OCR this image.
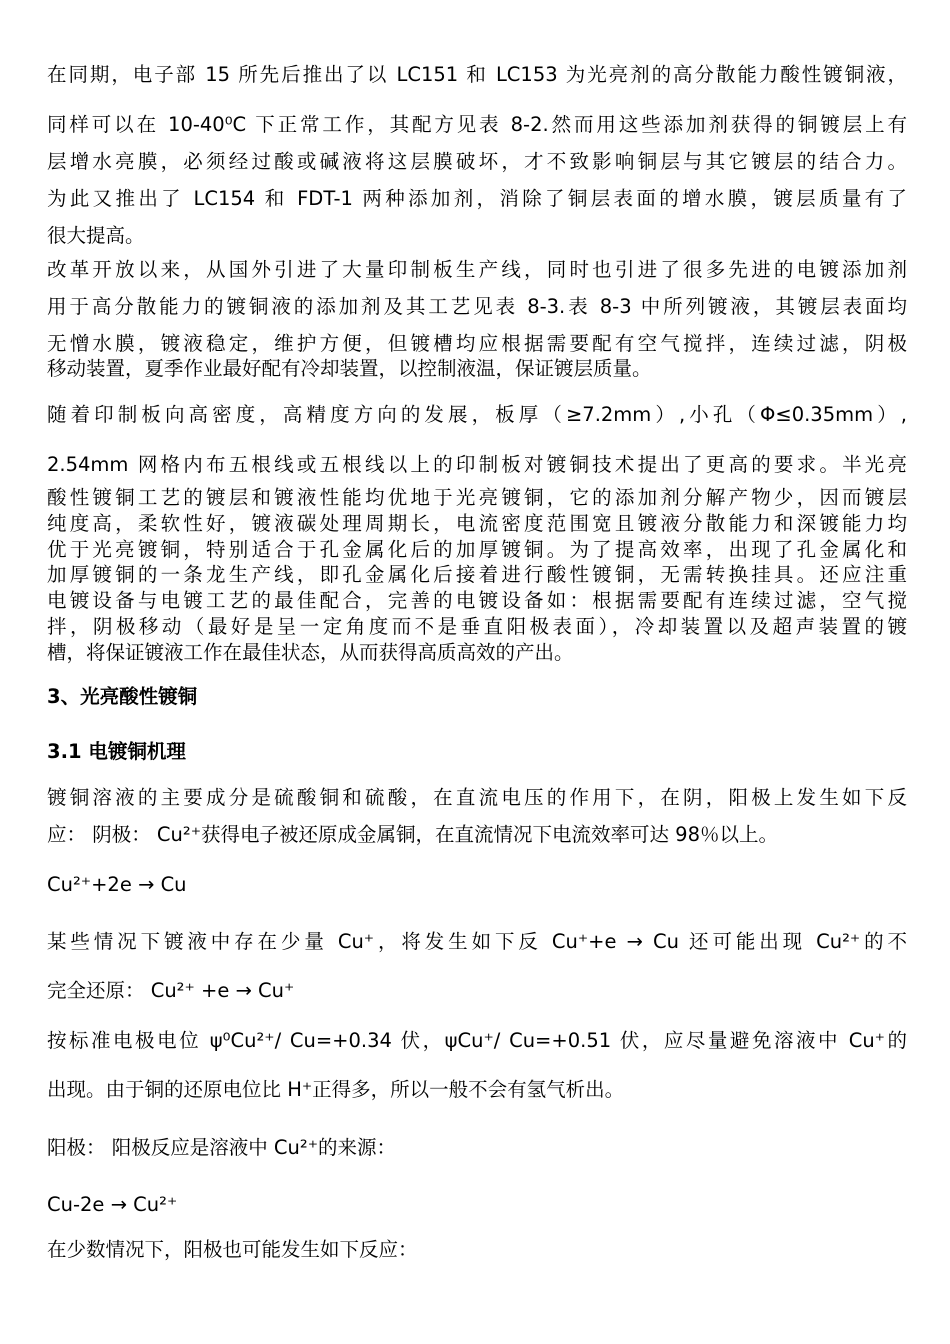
在同期，电子部 15 所先后推出了以 LC151 和 LC153 为光亮剂的高分散能力酸性镀铜液，
同样可以在 10-40⁰C 下正常工作，其配方见表 8-2.然而用这些添加剂获得的铜镀层上有
层增水亮膜，必须经过酸或碱液将这层膜破坏，才不致影响铜层与其它镀层的结合力。
为此又推出了 LC154 和 FDT-1 两种添加剂，消除了铜层表面的增水膜，镀层质量有了
很大提高。
改革开放以来，从国外引进了大量印制板生产线，同时也引进了很多先进的电镀添加剂
用于高分散能力的镀铜液的添加剂及其工艺见表 8-3.表 8-3 中所列镀液，其镀层表面均
无憎水膜，镀液稳定，维护方便，但镀槽均应根据需要配有空气搅拌，连续过滤，阴极
移动装置，夏季作业最好配有冷却装置，以控制液温，保证镀层质量。
随着印制板向高密度，高精度方向的发展，板厚（≥7.2mm）,小孔（Φ≤0.35mm）,
2.54mm 网格内布五根线或五根线以上的印制板对镀铜技术提出了更高的要求。半光亮
酸性镀铜工艺的镀层和镀液性能均优地于光亮镀铜，它的添加剂分解产物少，因而镀层
纯度高，柔软性好，镀液碳处理周期长，电流密度范围宽且镀液分散能力和深镀能力均
优于光亮镀铜，特别适合于孔金属化后的加厚镀铜。为了提高效率，出现了孔金属化和
加厚镀铜的一条龙生产线，即孔金属化后接着进行酸性镀铜，无需转换挂具。还应注重
电镀设备与电镀工艺的最佳配合，完善的电镀设备如：根据需要配有连续过滤，空气搅
拌，阴极移动（最好是呈一定角度而不是垂直阳极表面），冷却装置以及超声装置的镀
槽，将保证镀液工作在最佳状态，从而获得高质高效的产出。
3、光亮酸性镀铜
3.1 电镀铜机理
镀铜溶液的主要成分是硫酸铜和硫酸，在直流电压的作用下，在阴，阳极上发生如下反
应： 阴极： Cu²⁺获得电子被还原成金属铜，在直流情况下电流效率可达 98％以上。
Cu²⁺+2e → Cu
某些情况下镀液中存在少量 Cu⁺，将发生如下反 Cu⁺+e → Cu 还可能出现 Cu²⁺的不
完全还原： Cu²⁺ +e → Cu⁺
按标准电极电位 ψ⁰Cu²⁺/ Cu=+0.34 伏，ψCu⁺/ Cu=+0.51 伏，应尽量避免溶液中 Cu⁺的
出现。由于铜的还原电位比 H⁺正得多，所以一般不会有氢气析出。
阳极： 阳极反应是溶液中 Cu²⁺的来源：
Cu-2e → Cu²⁺
在少数情况下，阳极也可能发生如下反应：
